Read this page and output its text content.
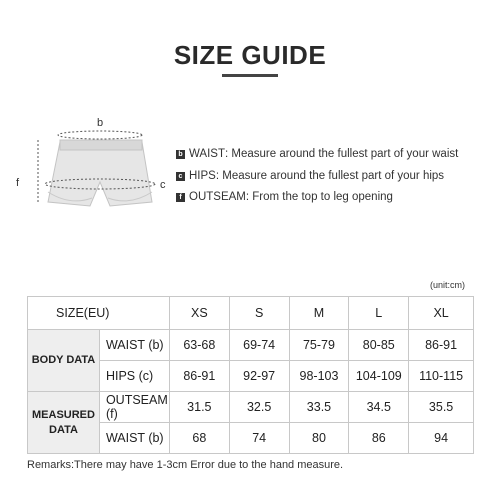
SIZE GUIDE
b
c
f
b WAIST : Measure around the fullest part of your waist
c HIPS : Measure around the fullest part of your hips
f OUTSEAM : From the top to leg opening
(unit:cm)
SIZE(EU)		XS	S	M	L	XL
BODY DATA	WAIST (b)	63-68	69-74	75-79	80-85	86-91
	HIPS (c)	86-91	92-97	98-103	104-109	110-115
MEASURED DATA	OUTSEAM (f)	31.5	32.5	33.5	34.5	35.5
	WAIST (b)	68	74	80	86	94
Remarks:There may have 1-3cm Error due to the hand measure.
